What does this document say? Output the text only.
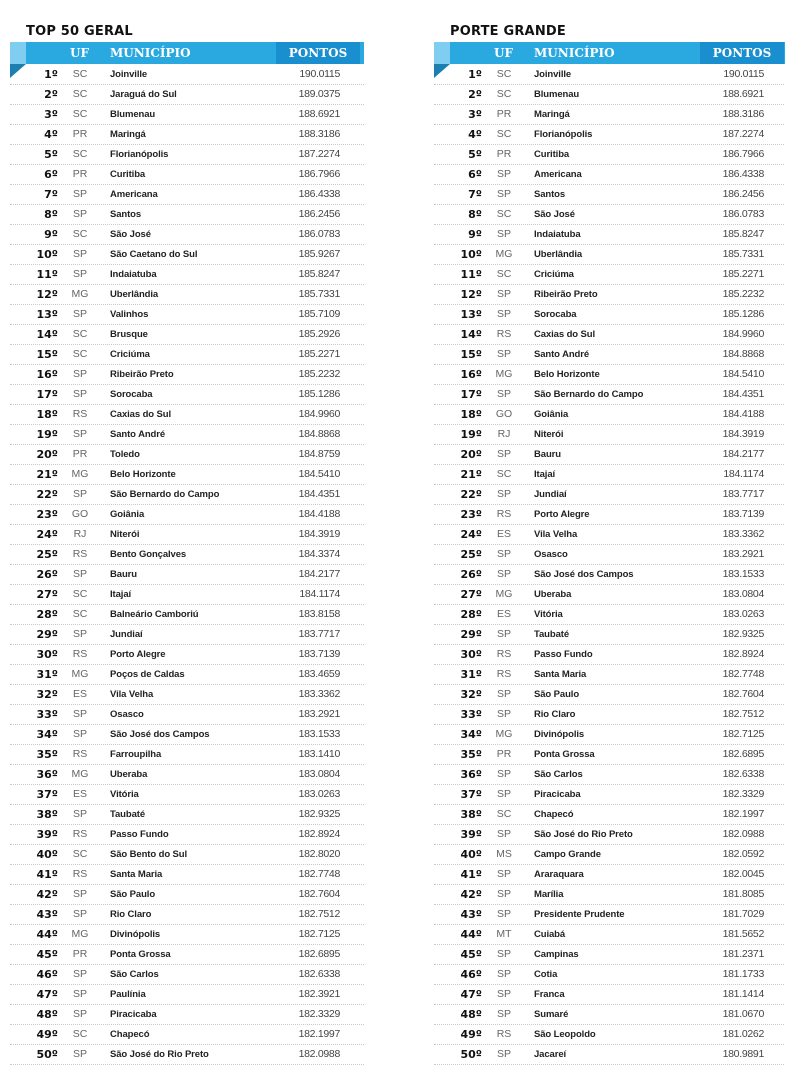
TOP 50 GERAL
UF MUNICÍPIO	PONTOS
1º	SC	Joinville	190.0115
2º	SC	Jaraguá do Sul	189.0375
3º	SC	Blumenau	188.6921
4º	PR	Maringá	188.3186
5º	SC	Florianópolis	187.2274
6º	PR	Curitiba	186.7966
7º	SP	Americana	186.4338
8º	SP	Santos	186.2456
9º	SC	São José	186.0783
10º	SP	São Caetano do Sul	185.9267
11º	SP	Indaiatuba	185.8247
12º	MG	Uberlândia	185.7331
13º	SP	Valinhos	185.7109
14º	SC	Brusque	185.2926
15º	SC	Criciúma	185.2271
16º	SP	Ribeirão Preto	185.2232
17º	SP	Sorocaba	185.1286
18º	RS	Caxias do Sul	184.9960
19º	SP	Santo André	184.8868
20º	PR	Toledo	184.8759
21º	MG	Belo Horizonte	184.5410
22º	SP	São Bernardo do Campo	184.4351
23º	GO	Goiânia	184.4188
24º	RJ	Niterói	184.3919
25º	RS	Bento Gonçalves	184.3374
26º	SP	Bauru	184.2177
27º	SC	Itajaí	184.1174
28º	SC	Balneário Camboriú	183.8158
29º	SP	Jundiaí	183.7717
30º	RS	Porto Alegre	183.7139
31º	MG	Poços de Caldas	183.4659
32º	ES	Vila Velha	183.3362
33º	SP	Osasco	183.2921
34º	SP	São José dos Campos	183.1533
35º	RS	Farroupilha	183.1410
36º	MG	Uberaba	183.0804
37º	ES	Vitória	183.0263
38º	SP	Taubaté	182.9325
39º	RS	Passo Fundo	182.8924
40º	SC	São Bento do Sul	182.8020
41º	RS	Santa Maria	182.7748
42º	SP	São Paulo	182.7604
43º	SP	Rio Claro	182.7512
44º	MG	Divinópolis	182.7125
45º	PR	Ponta Grossa	182.6895
46º	SP	São Carlos	182.6338
47º	SP	Paulínia	182.3921
48º	SP	Piracicaba	182.3329
49º	SC	Chapecó	182.1997
50º	SP	São José do Rio Preto	182.0988
PORTE GRANDE
UF MUNICÍPIO	PONTOS
1º	SC	Joinville	190.0115
2º	SC	Blumenau	188.6921
3º	PR	Maringá	188.3186
4º	SC	Florianópolis	187.2274
5º	PR	Curitiba	186.7966
6º	SP	Americana	186.4338
7º	SP	Santos	186.2456
8º	SC	São José	186.0783
9º	SP	Indaiatuba	185.8247
10º	MG	Uberlândia	185.7331
11º	SC	Criciúma	185.2271
12º	SP	Ribeirão Preto	185.2232
13º	SP	Sorocaba	185.1286
14º	RS	Caxias do Sul	184.9960
15º	SP	Santo André	184.8868
16º	MG	Belo Horizonte	184.5410
17º	SP	São Bernardo do Campo	184.4351
18º	GO	Goiânia	184.4188
19º	RJ	Niterói	184.3919
20º	SP	Bauru	184.2177
21º	SC	Itajaí	184.1174
22º	SP	Jundiaí	183.7717
23º	RS	Porto Alegre	183.7139
24º	ES	Vila Velha	183.3362
25º	SP	Osasco	183.2921
26º	SP	São José dos Campos	183.1533
27º	MG	Uberaba	183.0804
28º	ES	Vitória	183.0263
29º	SP	Taubaté	182.9325
30º	RS	Passo Fundo	182.8924
31º	RS	Santa Maria	182.7748
32º	SP	São Paulo	182.7604
33º	SP	Rio Claro	182.7512
34º	MG	Divinópolis	182.7125
35º	PR	Ponta Grossa	182.6895
36º	SP	São Carlos	182.6338
37º	SP	Piracicaba	182.3329
38º	SC	Chapecó	182.1997
39º	SP	São José do Rio Preto	182.0988
40º	MS	Campo Grande	182.0592
41º	SP	Araraquara	182.0045
42º	SP	Marília	181.8085
43º	SP	Presidente Prudente	181.7029
44º	MT	Cuiabá	181.5652
45º	SP	Campinas	181.2371
46º	SP	Cotia	181.1733
47º	SP	Franca	181.1414
48º	SP	Sumaré	181.0670
49º	RS	São Leopoldo	181.0262
50º	SP	Jacareí	180.9891
